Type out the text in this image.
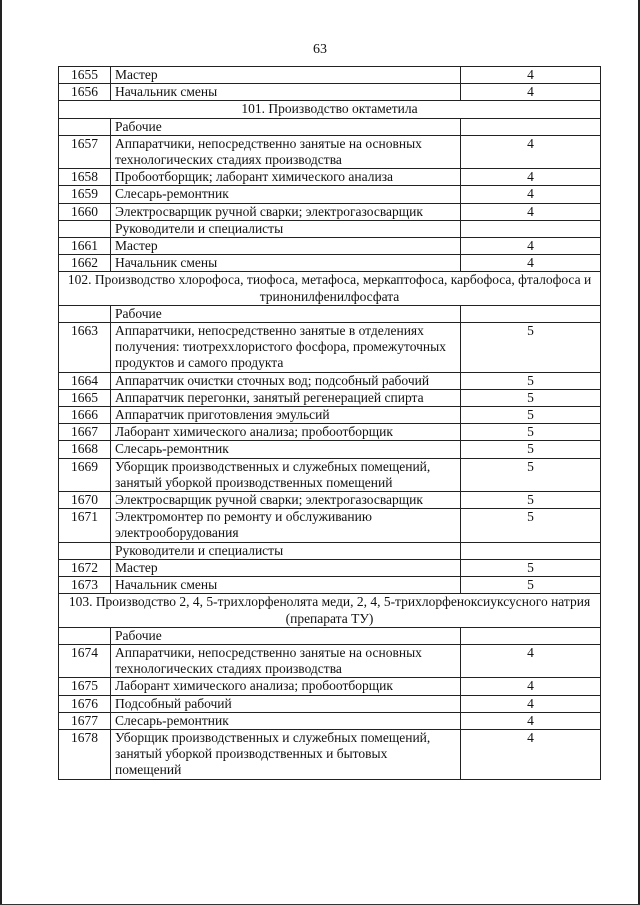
63
1655	Мастер	4
1656	Начальник смены	4
101. Производство октаметила		
	Рабочие	
1657	Аппаратчики, непосредственно занятые на основных технологических стадиях производства	4
1658	Пробоотборщик; лаборант химического анализа	4
1659	Слесарь-ремонтник	4
1660	Электросварщик ручной сварки; электрогазосварщик	4
	Руководители и специалисты	
1661	Мастер	4
1662	Начальник смены	4
102. Производство хлорофоса, тиофоса, метафоса, меркаптофоса, карбофоса, фталофоса и тринонилфенилфосфата		
	Рабочие	
1663	Аппаратчики, непосредственно занятые в отделениях получения: тиотреххлористого фосфора, промежуточных продуктов и самого продукта	5
1664	Аппаратчик очистки сточных вод; подсобный рабочий	5
1665	Аппаратчик перегонки, занятый регенерацией спирта	5
1666	Аппаратчик приготовления эмульсий	5
1667	Лаборант химического анализа; пробоотборщик	5
1668	Слесарь-ремонтник	5
1669	Уборщик производственных и служебных помещений, занятый уборкой производственных помещений	5
1670	Электросварщик ручной сварки; электрогазосварщик	5
1671	Электромонтер по ремонту и обслуживанию электрооборудования	5
	Руководители и специалисты	
1672	Мастер	5
1673	Начальник смены	5
103. Производство 2, 4, 5-трихлорфенолята меди, 2, 4, 5-трихлорфеноксиуксусного натрия (препарата ТУ)		
	Рабочие	
1674	Аппаратчики, непосредственно занятые на основных технологических стадиях производства	4
1675	Лаборант химического анализа; пробоотборщик	4
1676	Подсобный рабочий	4
1677	Слесарь-ремонтник	4
1678	Уборщик производственных и служебных помещений, занятый уборкой производственных и бытовых помещений	4
